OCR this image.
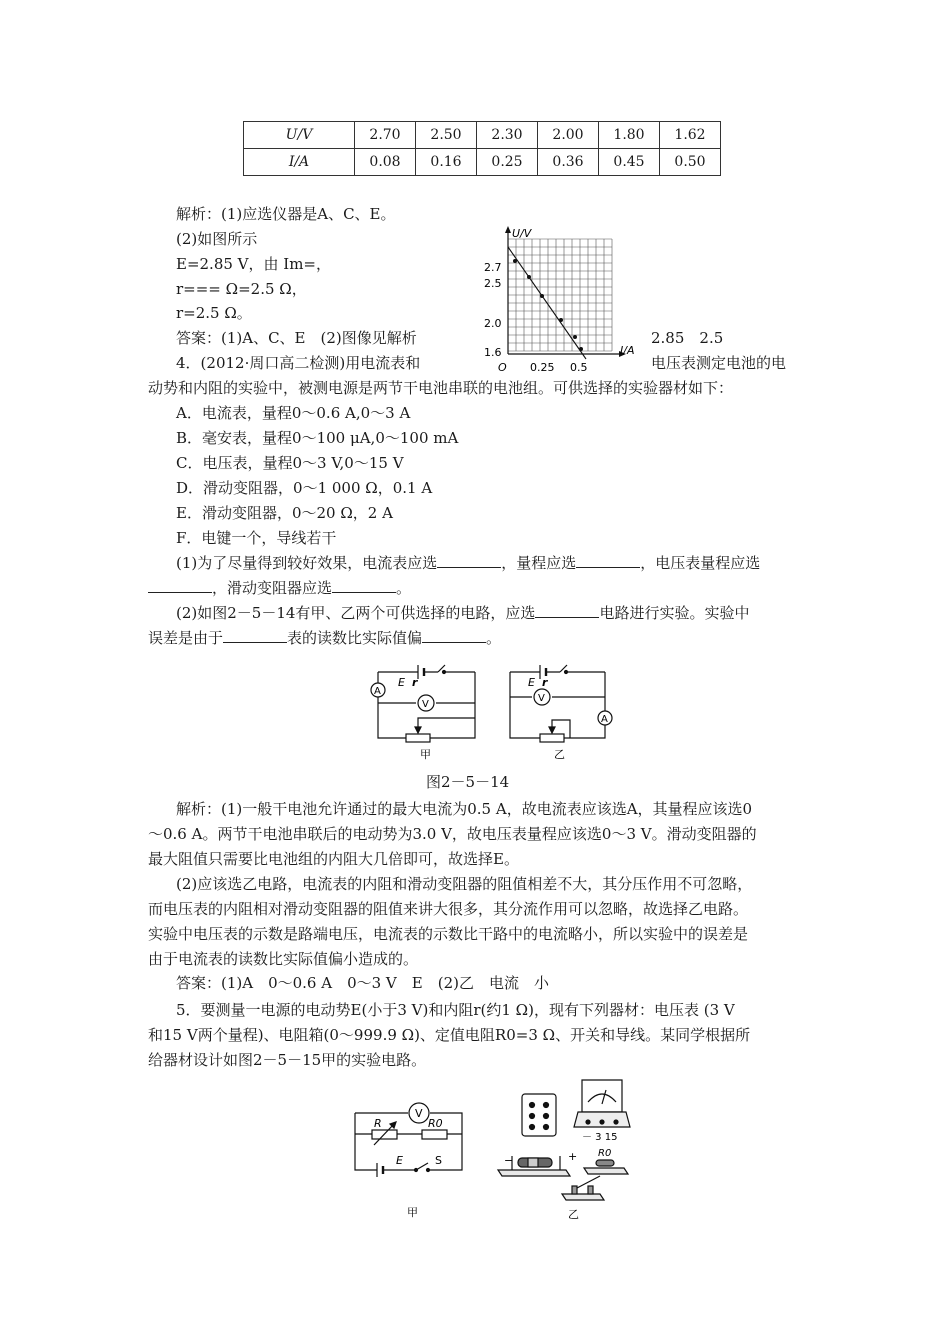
U/V	2.70	2.50	2.30	2.00	1.80	1.62
I/A	0.08	0.16	0.25	0.36	0.45	0.50
解析：(1)应选仪器是A、C、E。
(2)如图所示
E=2.85 V，由 Im=，
r=== Ω=2.5 Ω，
r=2.5 Ω。
答案：(1)A、C、E　(2)图像见解析	2.85　2.5
U/V
I/A
O
2.7
2.5
2.0
1.6
0.25 0.5
4．(2012·周口高二检测)用电流表和	电压表测定电池的电
动势和内阻的实验中，被测电源是两节干电池串联的电池组。可供选择的实验器材如下：
A．电流表，量程0～0.6 A,0～3 A
B．毫安表，量程0～100 μA,0～100 mA
C．电压表，量程0～3 V,0～15 V
D．滑动变阻器，0～1 000 Ω，0.1 A
E．滑动变阻器，0～20 Ω，2 A
F．电键一个，导线若干
(1)为了尽量得到较好效果，电流表应选	，量程应选	，电压表量程应选
，滑动变阻器应选	。
(2)如图2－5－14有甲、乙两个可供选择的电路，应选	电路进行实验。实验中
误差是由于	表的读数比实际值偏	。
E r
A
V
甲
E r
V
A
乙
图2－5－14
解析：(1)一般干电池允许通过的最大电流为0.5 A，故电流表应该选A，其量程应该选0
～0.6 A。两节干电池串联后的电动势为3.0 V，故电压表量程应该选0～3 V。滑动变阻器的
最大阻值只需要比电池组的内阻大几倍即可，故选择E。
(2)应该选乙电路，电流表的内阻和滑动变阻器的阻值相差不大，其分压作用不可忽略，
而电压表的内阻相对滑动变阻器的阻值来讲大很多，其分流作用可以忽略，故选择乙电路。
实验中电压表的示数是路端电压，电流表的示数比干路中的电流略小，所以实验中的误差是
由于电流表的读数比实际值偏小造成的。
答案：(1)A　0～0.6 A　0～3 V　E　(2)乙　电流　小
5．要测量一电源的电动势E(小于3 V)和内阻r(约1 Ω)，现有下列器材：电压表 (3 V
和15 V两个量程)、电阻箱(0～999.9 Ω)、定值电阻R0=3 Ω、开关和导线。某同学根据所
给器材设计如图2－5－15甲的实验电路。
V
R	R0
E	S
甲
－ 3 15
−	+ R0
乙
